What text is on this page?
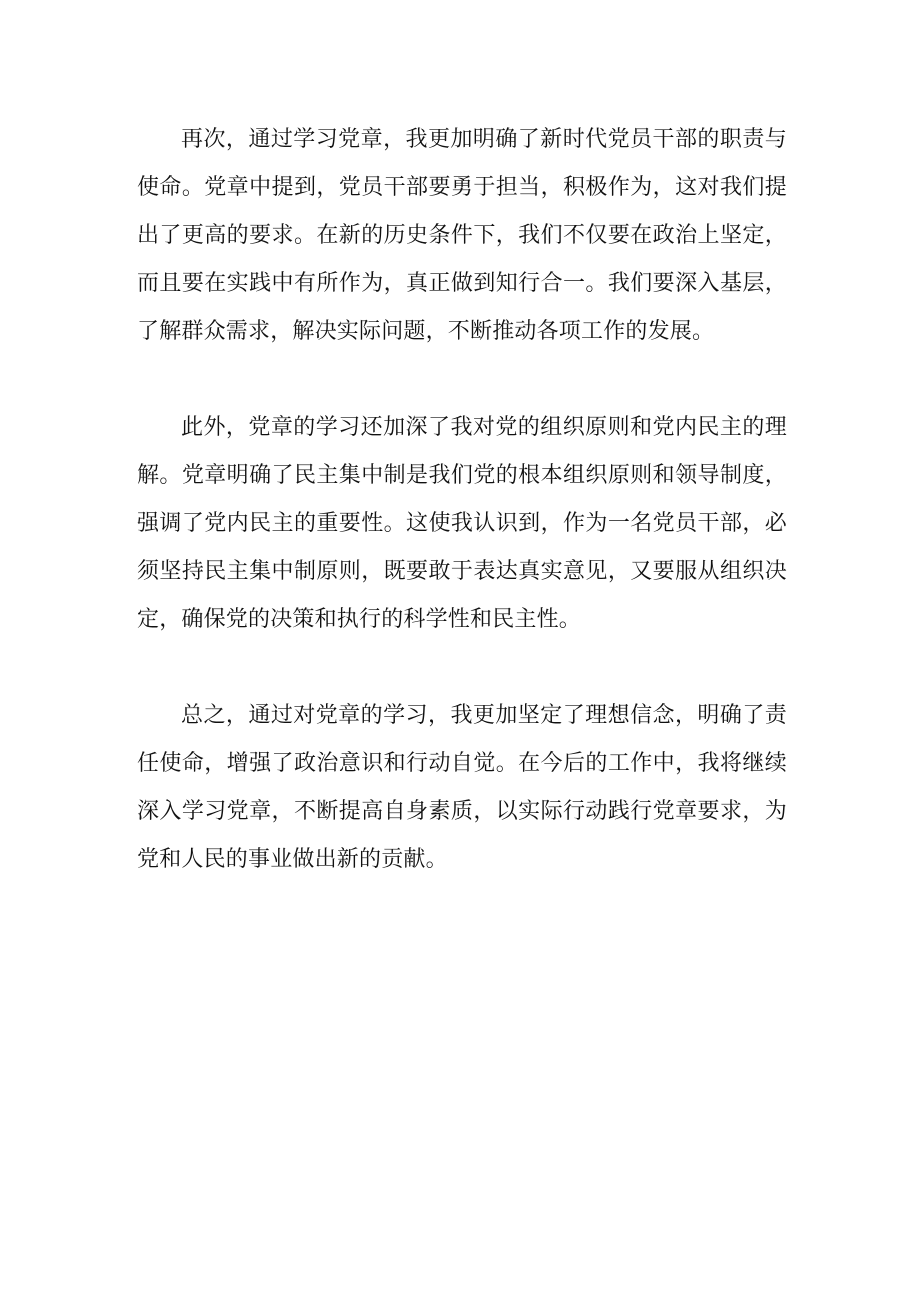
再次，通过学习党章，我更加明确了新时代党员干部的职责与使命。党章中提到，党员干部要勇于担当，积极作为，这对我们提出了更高的要求。在新的历史条件下，我们不仅要在政治上坚定，而且要在实践中有所作为，真正做到知行合一。我们要深入基层，了解群众需求，解决实际问题，不断推动各项工作的发展。

此外，党章的学习还加深了我对党的组织原则和党内民主的理解。党章明确了民主集中制是我们党的根本组织原则和领导制度，强调了党内民主的重要性。这使我认识到，作为一名党员干部，必须坚持民主集中制原则，既要敢于表达真实意见，又要服从组织决定，确保党的决策和执行的科学性和民主性。

总之，通过对党章的学习，我更加坚定了理想信念，明确了责任使命，增强了政治意识和行动自觉。在今后的工作中，我将继续深入学习党章，不断提高自身素质，以实际行动践行党章要求，为党和人民的事业做出新的贡献。
